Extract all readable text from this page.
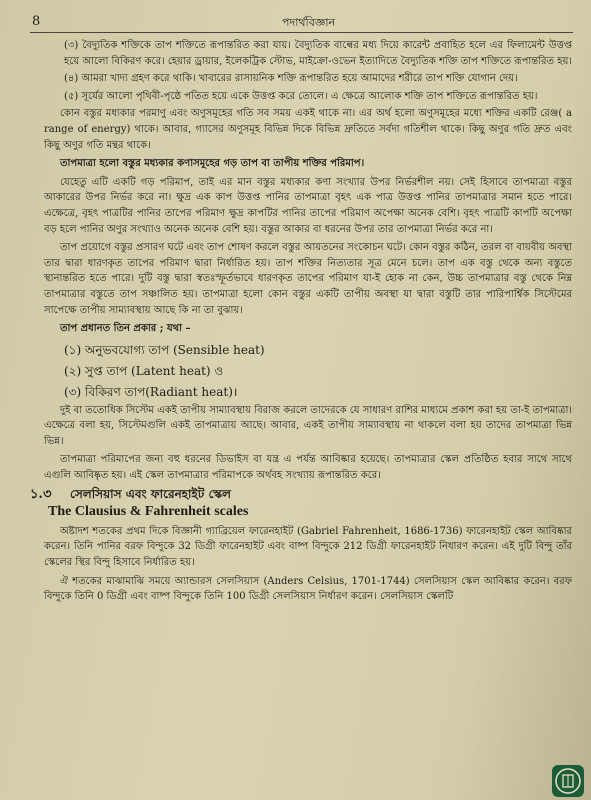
8	পদার্থবিজ্ঞান

(৩) বৈদ্যুতিক শক্তিকে তাপ শক্তিতে রূপান্তরিত করা যায়। বৈদ্যুতিক বাল্বের মধ্য দিয়ে কারেন্ট প্রবাহিত হলে এর ফিলামেন্ট উত্তপ্ত হয়ে আলো বিকিরণ করে। হেয়ার ড্রায়ার, ইলেকট্রিক স্টোভ, মাইক্রো-ওভেন ইত্যাদিতে বৈদ্যুতিক শক্তি তাপ শক্তিতে রূপান্তরিত হয়।

(৪) আমরা খাদ্য গ্রহণ করে থাকি। খাবারের রাসায়নিক শক্তি রূপান্তরিত হয়ে আমাদের শরীরে তাপ শক্তি যোগান দেয়।

(৫) সূর্যের আলো পৃথিবী-পৃষ্ঠে পতিত হয়ে একে উত্তপ্ত করে তোলে। এ ক্ষেত্রে আলোক শক্তি তাপ শক্তিতে রূপান্তরিত হয়।

কোন বস্তুর মধ্যকার পরমাণু এবং অণুসমূহের গতি সব সময় একই থাকে না। এর অর্থ হলো অণুসমূহের মধ্যে শক্তির একটি রেঞ্জ( a range of energy) থাকে। আবার, গ্যাসের অণুসমূহ বিভিন্ন দিকে বিভিন্ন দ্রুতিতে সর্বদা গতিশীল থাকে। কিছু অণুর গতি দ্রুত এবং কিছু অণুর গতি মন্থর থাকে।

তাপমাত্রা হলো বস্তুর মধ্যকার কণাসমূহের গড় তাপ বা তাপীয় শক্তির পরিমাপ।

যেহেতু এটি একটি গড় পরিমাপ, তাই এর মান বস্তুর মধ্যকার কণা সংখ্যার উপর নির্ভরশীল নয়। সেই হিসাবে তাপমাত্রা বস্তুর আকারের উপর নির্ভর করে না। ক্ষুদ্র এক কাপ উত্তপ্ত পানির তাপমাত্রা বৃহৎ এক পাত্র উত্তপ্ত পানির তাপমাত্রার সমান হতে পারে। এক্ষেত্রে, বৃহৎ পাত্রটির পানির তাপের পরিমাণ ক্ষুদ্র কাপটির পানির তাপের পরিমাণ অপেক্ষা অনেক বেশি। বৃহৎ পাত্রটি কাপটি অপেক্ষা বড় হলে পানির অণুর সংখ্যাও অনেক অনেক বেশি হয়। বস্তুর আকার বা ধরনের উপর তার তাপমাত্রা নির্ভর করে না।

তাপ প্রয়োগে বস্তুর প্রসারণ ঘটে এবং তাপ শোষণ করলে বস্তুর আয়তনের সংকোচন ঘটে। কোন বস্তুর কঠিন, তরল বা বায়বীয় অবস্থা তার দ্বারা ধারণকৃত তাপের পরিমাণ দ্বারা নির্ধারিত হয়। তাপ শক্তির নিত্যতার সূত্র মেনে চলে। তাপ এক বস্তু থেকে অন্য বস্তুতে স্থানান্তরিত হতে পারে। দুটি বস্তু দ্বারা স্বতঃস্ফূর্তভাবে ধারণকৃত তাপের পরিমাণ যা-ই হোক না কেন, উচ্চ তাপমাত্রার বস্তু থেকে নিম্ন তাপমাত্রার বস্তুতে তাপ সঞ্চালিত হয়। তাপমাত্রা হলো কোন বস্তুর একটি তাপীয় অবস্থা যা দ্বারা বস্তুটি তার পারিপার্শ্বিক সিস্টেমের সাপেক্ষে তাপীয় সাম্যাবস্থায় আছে কি না তা বুঝায়।

তাপ প্রধানত তিন প্রকার ; যথা –

(১) অনুভবযোগ্য তাপ (Sensible heat)
(২) সুপ্ত তাপ (Latent heat) ও
(৩) বিকিরণ তাপ(Radiant heat)।

দুই বা ততোধিক সিস্টেম একই তাপীয় সাম্যাবস্থায় বিরাজ করলে তাদেরকে যে সাধারণ রাশির মাধ্যমে প্রকাশ করা হয় তা-ই তাপমাত্রা। এক্ষেত্রে বলা হয়, সিস্টেমগুলি একই তাপমাত্রায় আছে। আবার, একই তাপীয় সাম্যাবস্থায় না থাকলে বলা হয় তাদের তাপমাত্রা ভিন্ন ভিন্ন।

তাপমাত্রা পরিমাপের জন্য বহু ধরনের ডিভাইস বা যন্ত্র এ পর্যন্ত আবিষ্কার হয়েছে। তাপমাত্রার স্কেল প্রতিষ্ঠিত হবার সাথে সাথে এগুলি আবিষ্কৃত হয়। এই স্কেল তাপমাত্রার পরিমাপকে অর্থবহ সংখ্যায় রূপান্তরিত করে।

১.৩	সেলসিয়াস এবং ফারেনহাইট স্কেল
The Clausius & Fahrenheit scales

অষ্টাদশ শতকের প্রথম দিকে বিজ্ঞানী গ্যাব্রিয়েল ফারেনহাইট (Gabriel Fahrenheit, 1686-1736) ফারেনহাইট স্কেল আবিষ্কার করেন। তিনি পানির বরফ বিন্দুকে 32 ডিগ্রী ফারেনহাইট এবং বাষ্প বিন্দুকে 212 ডিগ্রী ফারেনহাইট নিধারণ করেন। এই দুটি বিন্দু তাঁর স্কেলের স্থির বিন্দু হিসাবে নির্ধারিত হয়।

ঐ শতকের মাঝামাঝি সময়ে অ্যান্ডারস সেলসিয়াস (Anders Celsius, 1701-1744) সেলসিয়াস স্কেল আবিষ্কার করেন। বরফ বিন্দুকে তিনি 0 ডিগ্রী এবং বাষ্প বিন্দুকে তিনি 100 ডিগ্রী সেলসিয়াস নির্ধারণ করেন। সেলসিয়াস স্কেলটি
